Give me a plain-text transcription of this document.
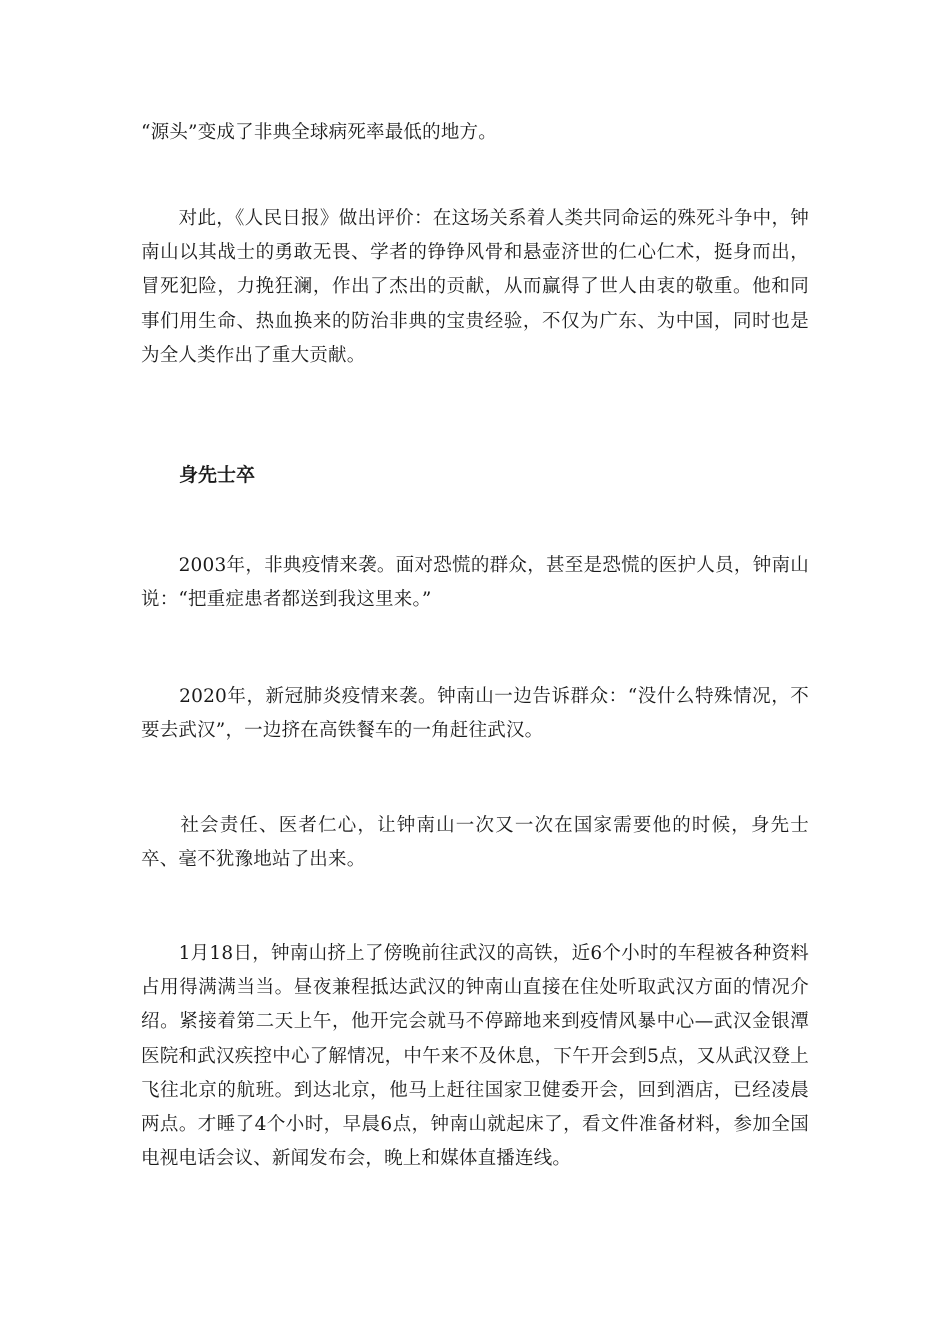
“源头”变成了非典全球病死率最低的地方。

　　对此，《人民日报》做出评价：在这场关系着人类共同命运的殊死斗争中，钟南山以其战士的勇敢无畏、学者的铮铮风骨和悬壶济世的仁心仁术，挺身而出，冒死犯险，力挽狂澜，作出了杰出的贡献，从而赢得了世人由衷的敬重。他和同事们用生命、热血换来的防治非典的宝贵经验，不仅为广东、为中国，同时也是为全人类作出了重大贡献。

身先士卒

　　2003年，非典疫情来袭。面对恐慌的群众，甚至是恐慌的医护人员，钟南山说：“把重症患者都送到我这里来。”

　　2020年，新冠肺炎疫情来袭。钟南山一边告诉群众：“没什么特殊情况，不要去武汉”，一边挤在高铁餐车的一角赶往武汉。

　　社会责任、医者仁心，让钟南山一次又一次在国家需要他的时候，身先士卒、毫不犹豫地站了出来。

　　1月18日，钟南山挤上了傍晚前往武汉的高铁，近6个小时的车程被各种资料占用得满满当当。昼夜兼程抵达武汉的钟南山直接在住处听取武汉方面的情况介绍。紧接着第二天上午，他开完会就马不停蹄地来到疫情风暴中心—武汉金银潭医院和武汉疾控中心了解情况，中午来不及休息，下午开会到5点，又从武汉登上飞往北京的航班。到达北京，他马上赶往国家卫健委开会，回到酒店，已经凌晨两点。才睡了4个小时，早晨6点，钟南山就起床了，看文件准备材料，参加全国电视电话会议、新闻发布会，晚上和媒体直播连线。
